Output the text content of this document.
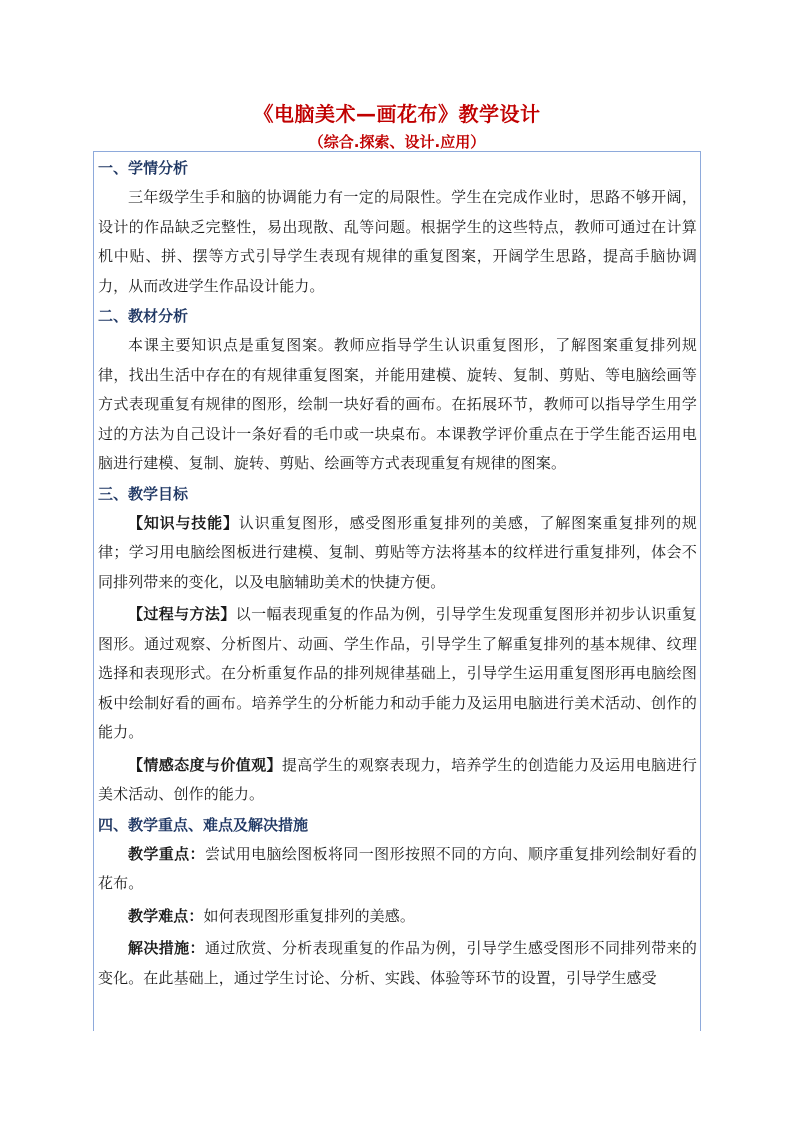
《电脑美术—画花布》教学设计
（综合.探索、设计.应用）
一、学情分析

三年级学生手和脑的协调能力有一定的局限性。学生在完成作业时，思路不够开阔，设计的作品缺乏完整性，易出现散、乱等问题。根据学生的这些特点，教师可通过在计算机中贴、拼、摆等方式引导学生表现有规律的重复图案，开阔学生思路，提高手脑协调力，从而改进学生作品设计能力。

二、教材分析

本课主要知识点是重复图案。教师应指导学生认识重复图形，了解图案重复排列规律，找出生活中存在的有规律重复图案，并能用建模、旋转、复制、剪贴、等电脑绘画等方式表现重复有规律的图形，绘制一块好看的画布。在拓展环节，教师可以指导学生用学过的方法为自己设计一条好看的毛巾或一块桌布。本课教学评价重点在于学生能否运用电脑进行建模、复制、旋转、剪贴、绘画等方式表现重复有规律的图案。

三、教学目标

【知识与技能】认识重复图形，感受图形重复排列的美感，了解图案重复排列的规律；学习用电脑绘图板进行建模、复制、剪贴等方法将基本的纹样进行重复排列，体会不同排列带来的变化，以及电脑辅助美术的快捷方便。

【过程与方法】以一幅表现重复的作品为例，引导学生发现重复图形并初步认识重复图形。通过观察、分析图片、动画、学生作品，引导学生了解重复排列的基本规律、纹理选择和表现形式。在分析重复作品的排列规律基础上，引导学生运用重复图形再电脑绘图板中绘制好看的画布。培养学生的分析能力和动手能力及运用电脑进行美术活动、创作的能力。

【情感态度与价值观】提高学生的观察表现力，培养学生的创造能力及运用电脑进行美术活动、创作的能力。

四、教学重点、难点及解决措施

教学重点：尝试用电脑绘图板将同一图形按照不同的方向、顺序重复排列绘制好看的花布。

教学难点：如何表现图形重复排列的美感。

解决措施：通过欣赏、分析表现重复的作品为例，引导学生感受图形不同排列带来的变化。在此基础上，通过学生讨论、分析、实践、体验等环节的设置，引导学生感受
